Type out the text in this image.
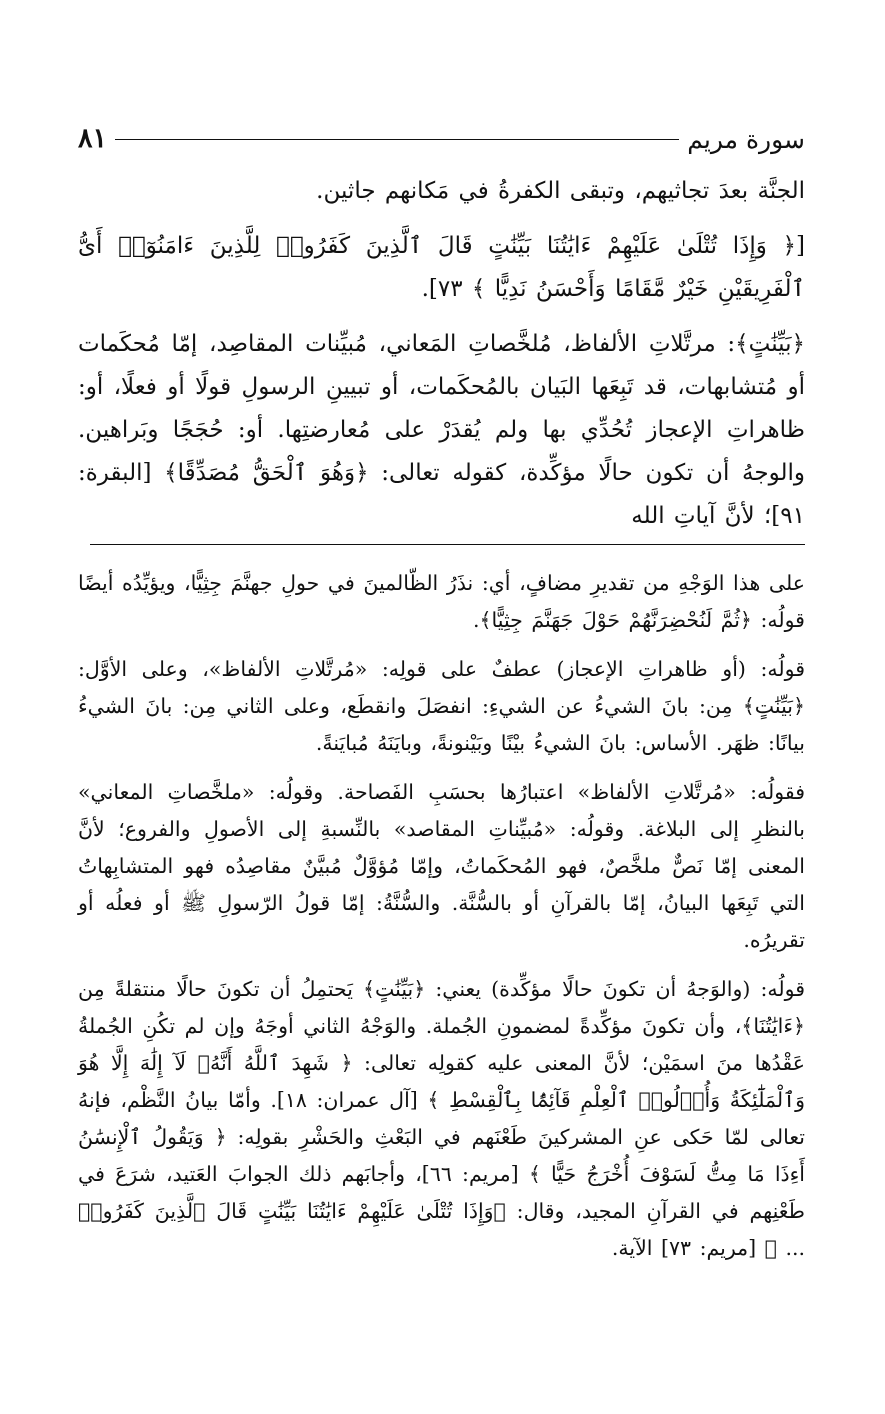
سورة مريم
٨١

الجنَّة بعدَ تجاثيهم، وتبقى الكفرةُ في مَكانهم جاثين.

[﴿ وَإِذَا تُتْلَىٰ عَلَيْهِمْ ءَايَٰتُنَا بَيِّنَٰتٍ قَالَ ٱلَّذِينَ كَفَرُوا۟ لِلَّذِينَ ءَامَنُوٓا۟ أَىُّ ٱلْفَرِيقَيْنِ خَيْرٌ مَّقَامًا وَأَحْسَنُ نَدِيًّا ﴾ ٧٣].

﴿بَيِّنَٰتٍ﴾: مرتَّلاتِ الألفاظ، مُلخَّصاتِ المَعاني، مُبيِّنات المقاصِد، إمّا مُحكَمات أو مُتشابهات، قد تَبِعَها البَيان بالمُحكَمات، أو تبيينِ الرسولِ قولًا أو فعلًا، أو: ظاهراتِ الإعجاز تُحُدِّي بها ولم يُقدَرْ على مُعارضتِها. أو: حُجَجًا وبَراهين. والوجهُ أن تكون حالًا مؤكِّدة، كقوله تعالى: ﴿وَهُوَ ٱلْحَقُّ مُصَدِّقًا﴾ [البقرة: ٩١]؛ لأنَّ آياتِ الله

على هذا الوَجْهِ من تقديرِ مضافٍ، أي: نذَرُ الظّالمينَ في حولِ جهنَّمَ جِثِيًّا، ويؤيِّدُه أيضًا قولُه: ﴿ثُمَّ لَنُحْضِرَنَّهُمْ حَوْلَ جَهَنَّمَ جِثِيًّا﴾.

قولُه: (أو ظاهراتِ الإعجاز) عطفٌ على قولِه: «مُرتَّلاتِ الألفاظ»، وعلى الأوَّل: ﴿بَيِّنَٰتٍ﴾ مِن: بانَ الشيءُ عن الشيءِ: انفصَلَ وانقطَع، وعلى الثاني مِن: بانَ الشيءُ بيانًا: ظهَر. الأساس: بانَ الشيءُ بيْنًا وبَيْنونةً، وبايَنَهُ مُبايَنةً.

فقولُه: «مُرتَّلاتِ الألفاظ» اعتبارُها بحسَبِ الفَصاحة. وقولُه: «ملخَّصاتِ المعاني» بالنظرِ إلى البلاغة. وقولُه: «مُبيِّناتِ المقاصد» بالنِّسبةِ إلى الأصولِ والفروع؛ لأنَّ المعنى إمّا نَصٌّ ملخَّصٌ، فهو المُحكَماتُ، وإمّا مُؤوَّلٌ مُبيَّنٌ مقاصِدُه فهو المتشابِهاتُ التي تَبِعَها البيانُ، إمّا بالقرآنِ أو بالسُّنَّة. والسُّنَّةُ: إمّا قولُ الرّسولِ ﷺ أو فعلُه أو تقريرُه.

قولُه: (والوَجهُ أن تكونَ حالًا مؤكِّدة) يعني: ﴿بَيِّنَٰتٍ﴾ يَحتمِلُ أن تكونَ حالًا منتقلةً مِن ﴿ءَايَٰتُنَا﴾، وأن تكونَ مؤكِّدةً لمضمونِ الجُملة. والوَجْهُ الثاني أوجَهُ وإن لم تكُنِ الجُملةُ عَقْدُها منَ اسمَيْن؛ لأنَّ المعنى عليه كقولِه تعالى: ﴿ شَهِدَ ٱللَّهُ أَنَّهُۥ لَآ إِلَٰهَ إِلَّا هُوَ وَٱلْمَلَٰٓئِكَةُ وَأُو۟لُوا۟ ٱلْعِلْمِ قَآئِمًۢا بِٱلْقِسْطِ ﴾ [آل عمران: ١٨]. وأمّا بيانُ النَّظْم، فإنهُ تعالى لمّا حَكى عنِ المشركينَ طَعْنَهم في البَعْثِ والحَشْرِ بقولِه: ﴿ وَيَقُولُ ٱلْإِنسَٰنُ أَءِذَا مَا مِتُّ لَسَوْفَ أُخْرَجُ حَيًّا ﴾ [مريم: ٦٦]، وأجابَهم ذلك الجوابَ العَتيد، شرَعَ في طَعْنِهم في القرآنِ المجيد، وقال: ﴿وَإِذَا تُتْلَىٰ عَلَيْهِمْ ءَايَٰتُنَا بَيِّنَٰتٍ قَالَ ٱلَّذِينَ كَفَرُوا۟ ... ﴾ [مريم: ٧٣] الآية.
